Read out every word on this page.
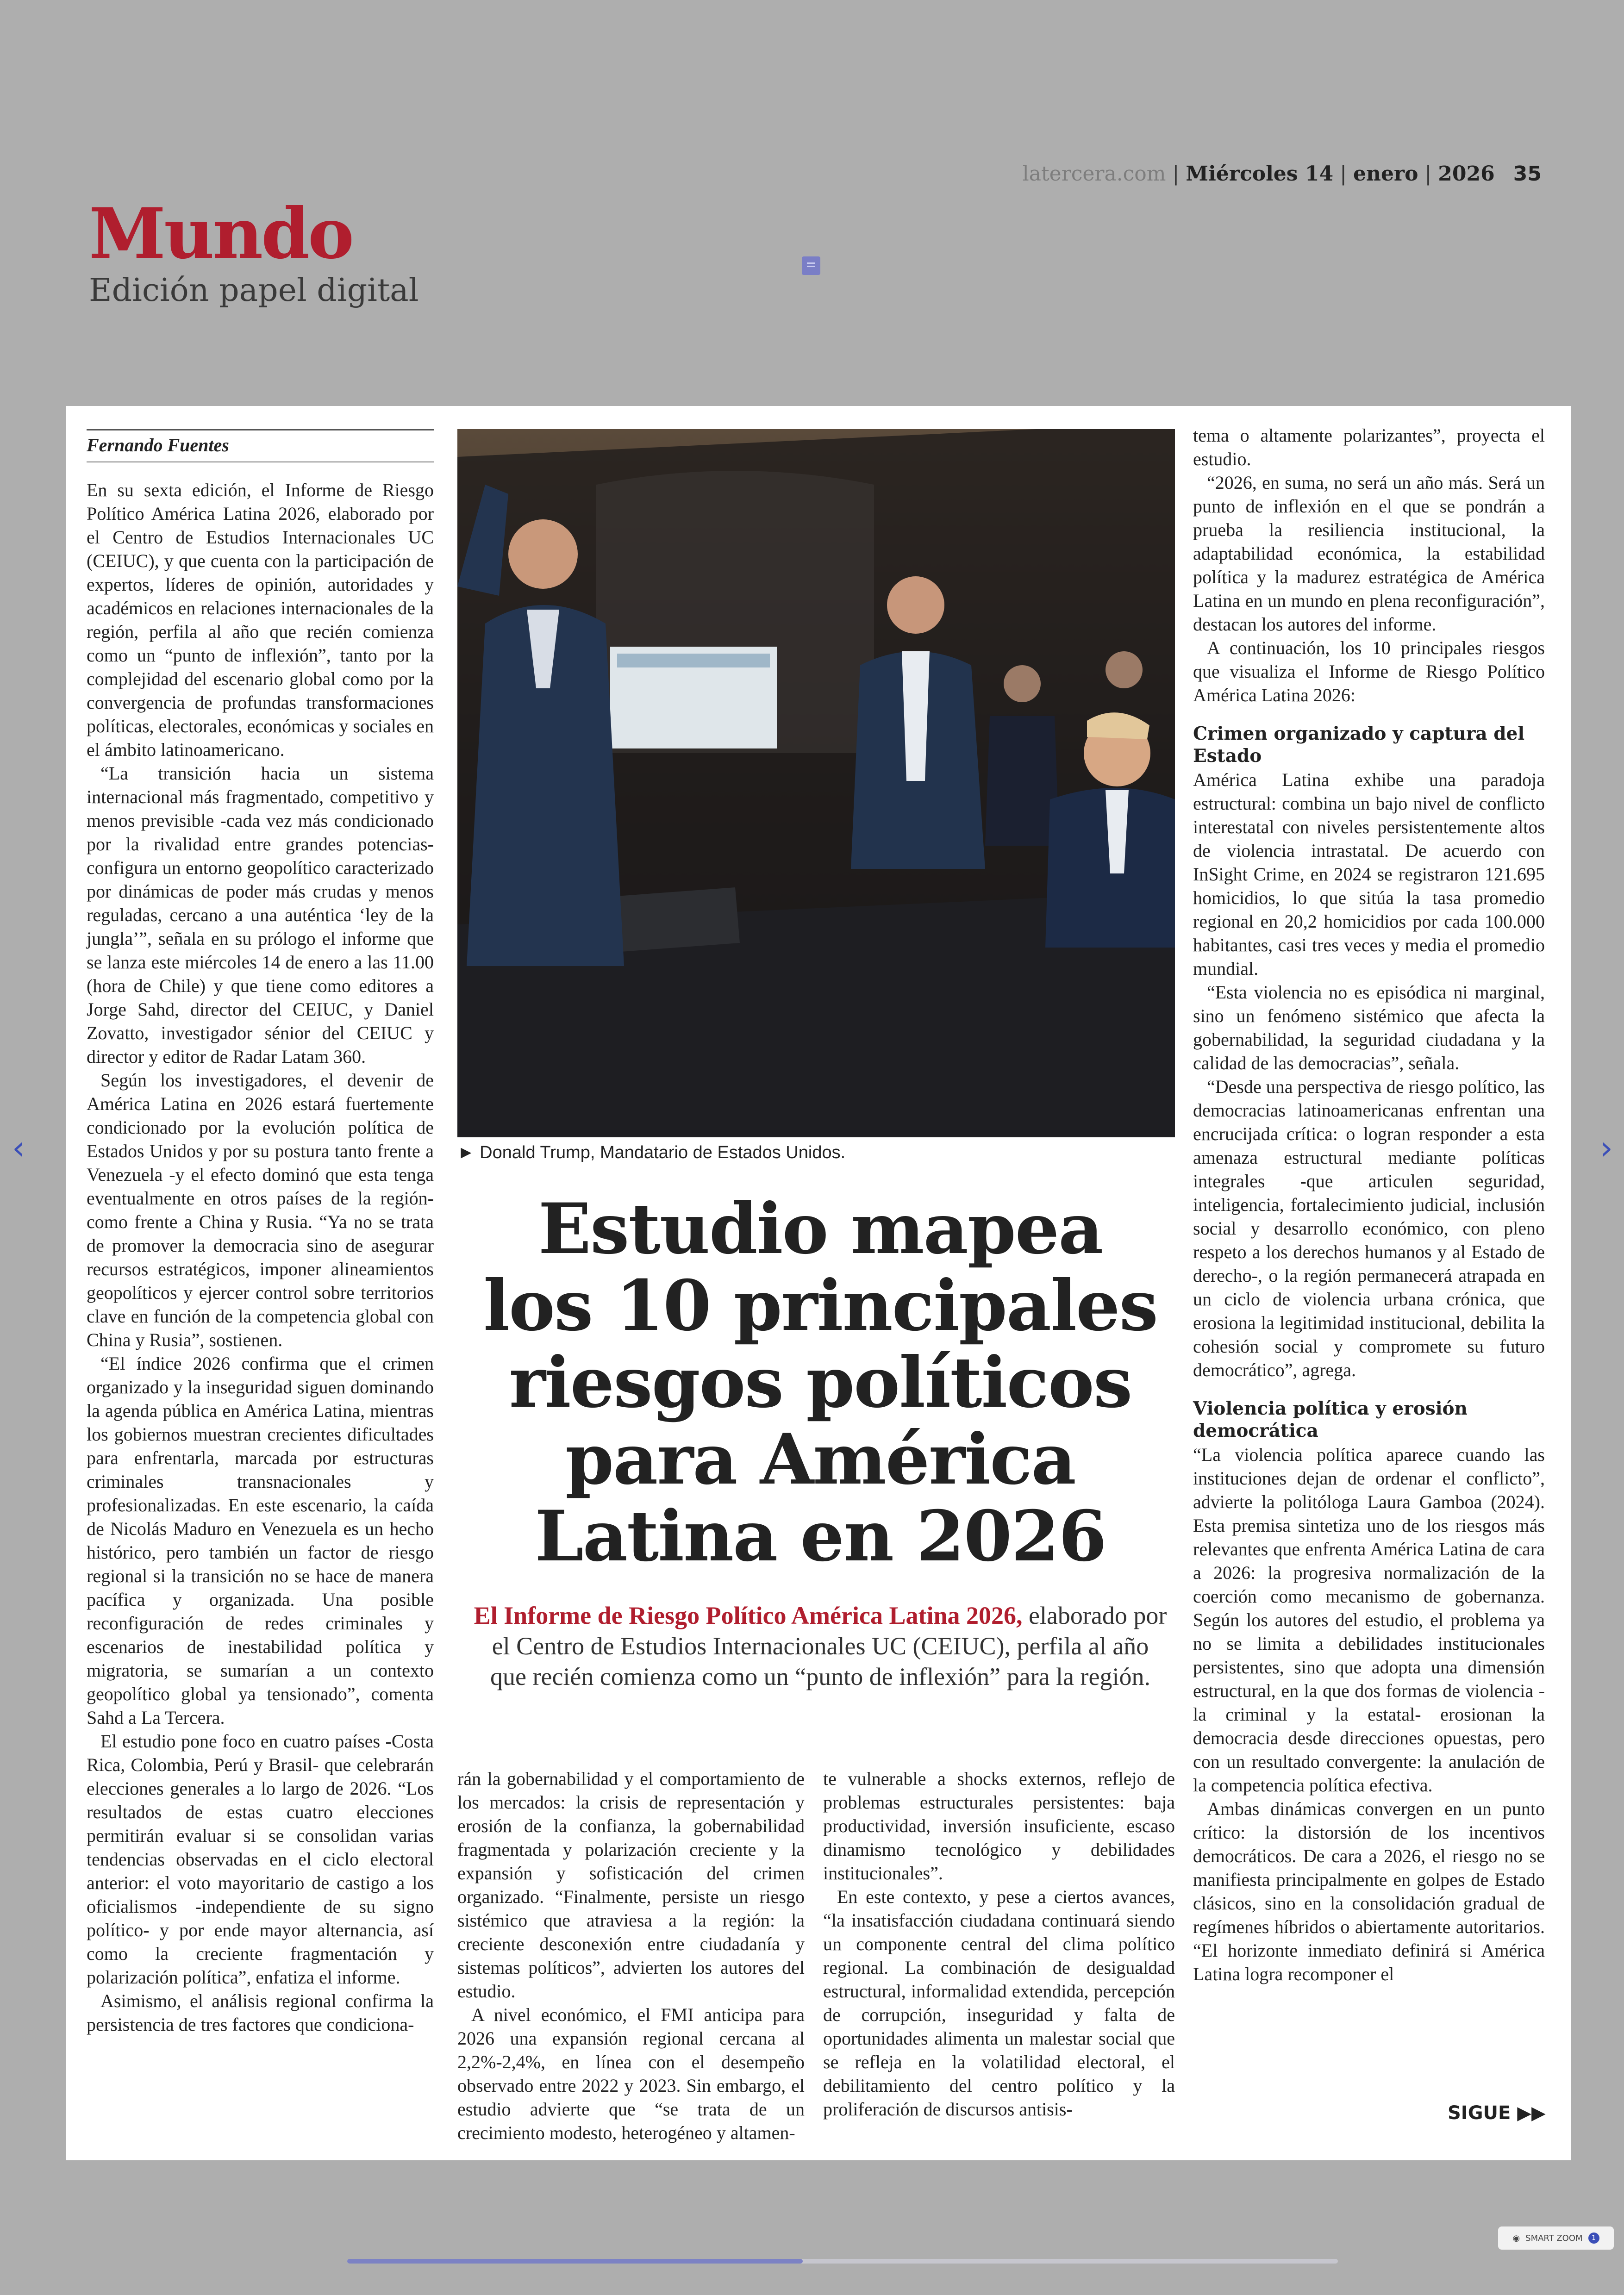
Mundo
Edición papel digital
latercera.com | Miércoles 14 | enero | 2026 35
Fernando Fuentes

En su sexta edición, el Informe de Riesgo Político América Latina 2026, elaborado por el Centro de Estudios Internacionales UC (CEIUC), y que cuenta con la participación de expertos, líderes de opinión, autoridades y académicos en relaciones internacionales de la región, perfila al año que recién comienza como un “punto de inflexión”, tanto por la complejidad del escenario global como por la convergencia de profundas transformaciones políticas, electorales, económicas y sociales en el ámbito latinoamericano.

“La transición hacia un sistema internacional más fragmentado, competitivo y menos previsible -cada vez más condicionado por la rivalidad entre grandes potencias- configura un entorno geopolítico caracterizado por dinámicas de poder más crudas y menos reguladas, cercano a una auténtica ‘ley de la jungla’”, señala en su prólogo el informe que se lanza este miércoles 14 de enero a las 11.00 (hora de Chile) y que tiene como editores a Jorge Sahd, director del CEIUC, y Daniel Zovatto, investigador sénior del CEIUC y director y editor de Radar Latam 360.

Según los investigadores, el devenir de América Latina en 2026 estará fuertemente condicionado por la evolución política de Estados Unidos y por su postura tanto frente a Venezuela -y el efecto dominó que esta tenga eventualmente en otros países de la región- como frente a China y Rusia. “Ya no se trata de promover la democracia sino de asegurar recursos estratégicos, imponer alineamientos geopolíticos y ejercer control sobre territorios clave en función de la competencia global con China y Rusia”, sostienen.

“El índice 2026 confirma que el crimen organizado y la inseguridad siguen dominando la agenda pública en América Latina, mientras los gobiernos muestran crecientes dificultades para enfrentarla, marcada por estructuras criminales transnacionales y profesionalizadas. En este escenario, la caída de Nicolás Maduro en Venezuela es un hecho histórico, pero también un factor de riesgo regional si la transición no se hace de manera pacífica y organizada. Una posible reconfiguración de redes criminales y escenarios de inestabilidad política y migratoria, se sumarían a un contexto geopolítico global ya tensionado”, comenta Sahd a La Tercera.

El estudio pone foco en cuatro países -Costa Rica, Colombia, Perú y Brasil- que celebrarán elecciones generales a lo largo de 2026. “Los resultados de estas cuatro elecciones permitirán evaluar si se consolidan varias tendencias observadas en el ciclo electoral anterior: el voto mayoritario de castigo a los oficialismos -independiente de su signo político- y por ende mayor alternancia, así como la creciente fragmentación y polarización política”, enfatiza el informe.

Asimismo, el análisis regional confirma la persistencia de tres factores que condiciona-

► Donald Trump, Mandatario de Estados Unidos.
Estudio mapea los 10 principales riesgos políticos para América Latina en 2026
El Informe de Riesgo Político América Latina 2026, elaborado por el Centro de Estudios Internacionales UC (CEIUC), perfila al año que recién comienza como un “punto de inflexión” para la región.

rán la gobernabilidad y el comportamiento de los mercados: la crisis de representación y erosión de la confianza, la gobernabilidad fragmentada y polarización creciente y la expansión y sofisticación del crimen organizado. “Finalmente, persiste un riesgo sistémico que atraviesa a la región: la creciente desconexión entre ciudadanía y sistemas políticos”, advierten los autores del estudio.

A nivel económico, el FMI anticipa para 2026 una expansión regional cercana al 2,2%-2,4%, en línea con el desempeño observado entre 2022 y 2023. Sin embargo, el estudio advierte que “se trata de un crecimiento modesto, heterogéneo y altamen-

te vulnerable a shocks externos, reflejo de problemas estructurales persistentes: baja productividad, inversión insuficiente, escaso dinamismo tecnológico y debilidades institucionales”.

En este contexto, y pese a ciertos avances, “la insatisfacción ciudadana continuará siendo un componente central del clima político regional. La combinación de desigualdad estructural, informalidad extendida, percepción de corrupción, inseguridad y falta de oportunidades alimenta un malestar social que se refleja en la volatilidad electoral, el debilitamiento del centro político y la proliferación de discursos antisis-

tema o altamente polarizantes”, proyecta el estudio.

“2026, en suma, no será un año más. Será un punto de inflexión en el que se pondrán a prueba la resiliencia institucional, la adaptabilidad económica, la estabilidad política y la madurez estratégica de América Latina en un mundo en plena reconfiguración”, destacan los autores del informe.

A continuación, los 10 principales riesgos que visualiza el Informe de Riesgo Político América Latina 2026:

Crimen organizado y captura del Estado

América Latina exhibe una paradoja estructural: combina un bajo nivel de conflicto interestatal con niveles persistentemente altos de violencia intrastatal. De acuerdo con InSight Crime, en 2024 se registraron 121.695 homicidios, lo que sitúa la tasa promedio regional en 20,2 homicidios por cada 100.000 habitantes, casi tres veces y media el promedio mundial.

“Esta violencia no es episódica ni marginal, sino un fenómeno sistémico que afecta la gobernabilidad, la seguridad ciudadana y la calidad de las democracias”, señala.

“Desde una perspectiva de riesgo político, las democracias latinoamericanas enfrentan una encrucijada crítica: o logran responder a esta amenaza estructural mediante políticas integrales -que articulen seguridad, inteligencia, fortalecimiento judicial, inclusión social y desarrollo económico, con pleno respeto a los derechos humanos y al Estado de derecho-, o la región permanecerá atrapada en un ciclo de violencia urbana crónica, que erosiona la legitimidad institucional, debilita la cohesión social y compromete su futuro democrático”, agrega.

Violencia política y erosión democrática

“La violencia política aparece cuando las instituciones dejan de ordenar el conflicto”, advierte la politóloga Laura Gamboa (2024). Esta premisa sintetiza uno de los riesgos más relevantes que enfrenta América Latina de cara a 2026: la progresiva normalización de la coerción como mecanismo de gobernanza. Según los autores del estudio, el problema ya no se limita a debilidades institucionales persistentes, sino que adopta una dimensión estructural, en la que dos formas de violencia -la criminal y la estatal- erosionan la democracia desde direcciones opuestas, pero con un resultado convergente: la anulación de la competencia política efectiva.

Ambas dinámicas convergen en un punto crítico: la distorsión de los incentivos democráticos. De cara a 2026, el riesgo no se manifiesta principalmente en golpes de Estado clásicos, sino en la consolidación gradual de regímenes híbridos o abiertamente autoritarios. “El horizonte inmediato definirá si América Latina logra recomponer el

SIGUE ▶▶
‹	›
◉ SMART ZOOM	1
